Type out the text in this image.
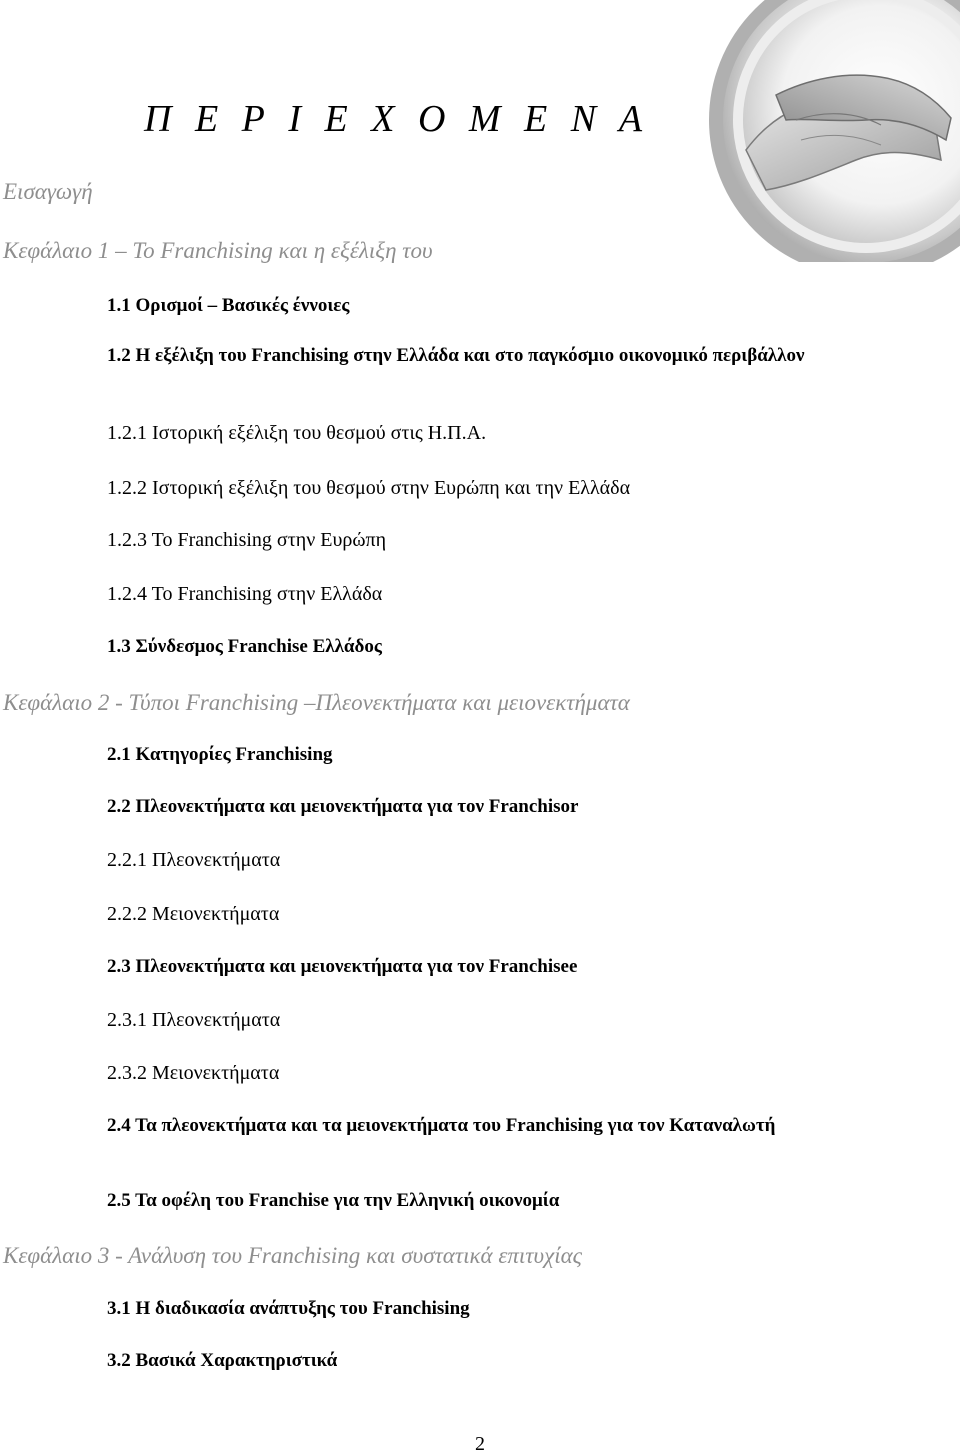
Π Ε Ρ Ι Ε Χ Ο Μ Ε Ν Α
Εισαγωγή
Κεφάλαιο 1 – Το Franchising και η εξέλιξη του
1.1 Ορισμοί – Βασικές έννοιες
1.2 Η εξέλιξη του Franchising στην Ελλάδα και στο παγκόσμιο οικονομικό περιβάλλον
1.2.1 Ιστορική εξέλιξη του θεσμού στις Η.Π.Α.
1.2.2 Ιστορική εξέλιξη του θεσμού στην Ευρώπη και την Ελλάδα
1.2.3 Το Franchising στην Ευρώπη
1.2.4 Το Franchising στην Ελλάδα
1.3 Σύνδεσμος Franchise Ελλάδος
Κεφάλαιο 2 - Τύποι Franchising –Πλεονεκτήματα και μειονεκτήματα
2.1 Κατηγορίες Franchising
2.2 Πλεονεκτήματα και μειονεκτήματα για τον Franchisor
2.2.1 Πλεονεκτήματα
2.2.2 Μειονεκτήματα
2.3 Πλεονεκτήματα και μειονεκτήματα για τον Franchisee
2.3.1 Πλεονεκτήματα
2.3.2 Μειονεκτήματα
2.4 Τα πλεονεκτήματα και τα μειονεκτήματα του Franchising για τον Καταναλωτή
2.5 Τα οφέλη του Franchise για την Ελληνική οικονομία
Κεφάλαιο 3 - Ανάλυση του Franchising και συστατικά επιτυχίας
3.1 Η διαδικασία ανάπτυξης του Franchising
3.2 Βασικά Χαρακτηριστικά
2
